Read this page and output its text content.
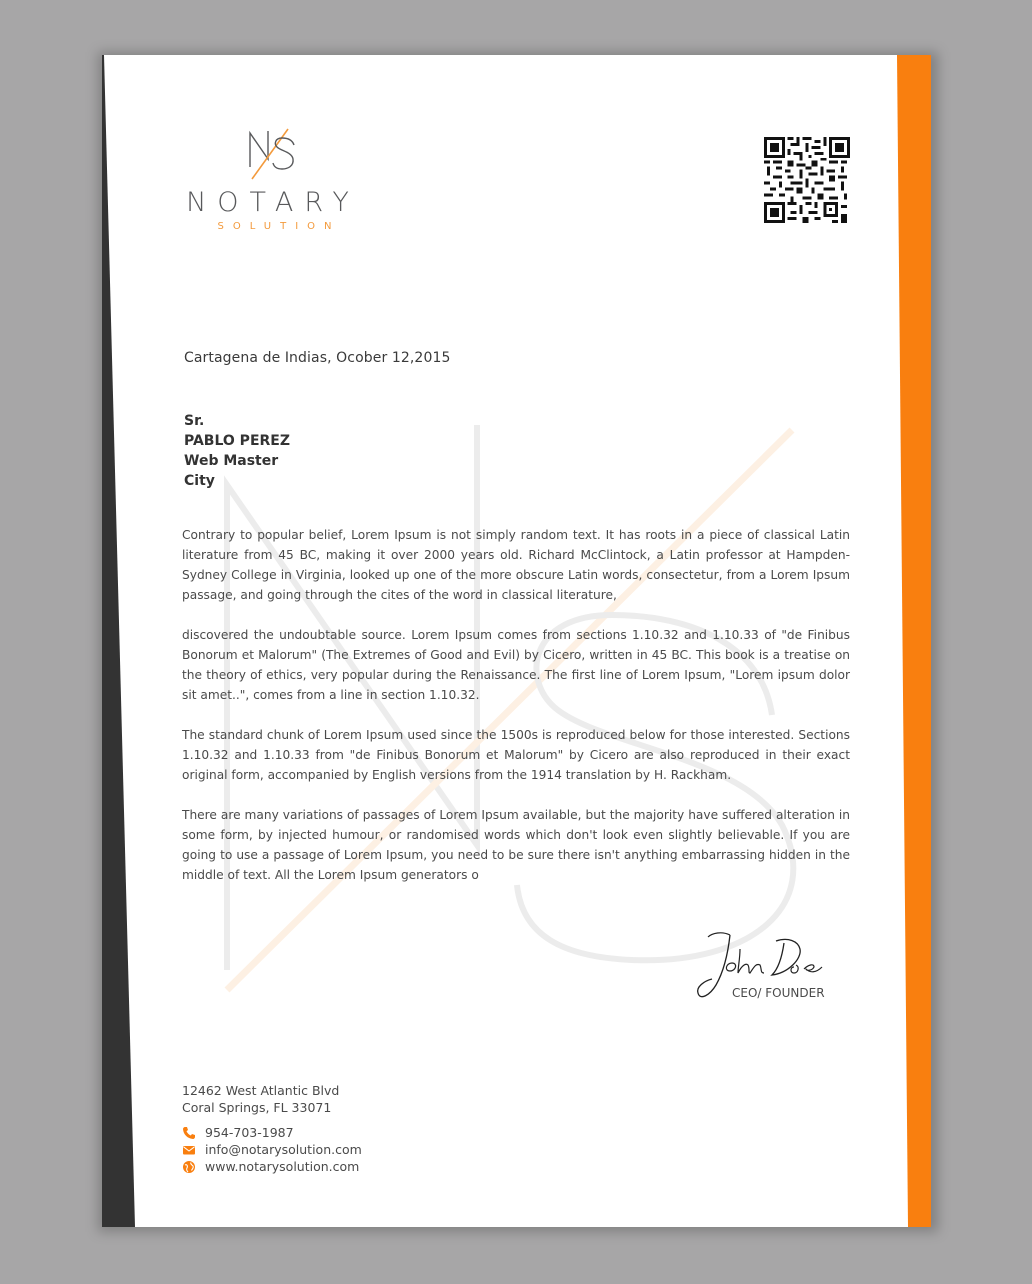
NOTARY
SOLUTION
Cartagena de Indias, Ocober 12,2015
Sr.
PABLO PEREZ
Web Master
City

Contrary to popular belief, Lorem Ipsum is not simply random text. It has roots in a piece of classical Latin literature from 45 BC, making it over 2000 years old. Richard McClintock, a Latin professor at Hampden-Sydney College in Virginia, looked up one of the more obscure Latin words, consectetur, from a Lorem Ipsum passage, and going through the cites of the word in classical literature,

discovered the undoubtable source. Lorem Ipsum comes from sections 1.10.32 and 1.10.33 of "de Finibus Bonorum et Malorum" (The Extremes of Good and Evil) by Cicero, written in 45 BC. This book is a treatise on the theory of ethics, very popular during the Renaissance. The first line of Lorem Ipsum, "Lorem ipsum dolor sit amet..", comes from a line in section 1.10.32.

The standard chunk of Lorem Ipsum used since the 1500s is reproduced below for those interested. Sections 1.10.32 and 1.10.33 from "de Finibus Bonorum et Malorum" by Cicero are also reproduced in their exact original form, accompanied by English versions from the 1914 translation by H. Rackham.

There are many variations of passages of Lorem Ipsum available, but the majority have suffered alteration in some form, by injected humour, or randomised words which don't look even slightly believable. If you are going to use a passage of Lorem Ipsum, you need to be sure there isn't anything embarrassing hidden in the middle of text. All the Lorem Ipsum generators o

CEO/ FOUNDER
12462 West Atlantic Blvd
Coral Springs, FL 33071
954-703-1987
info@notarysolution.com
www.notarysolution.com
